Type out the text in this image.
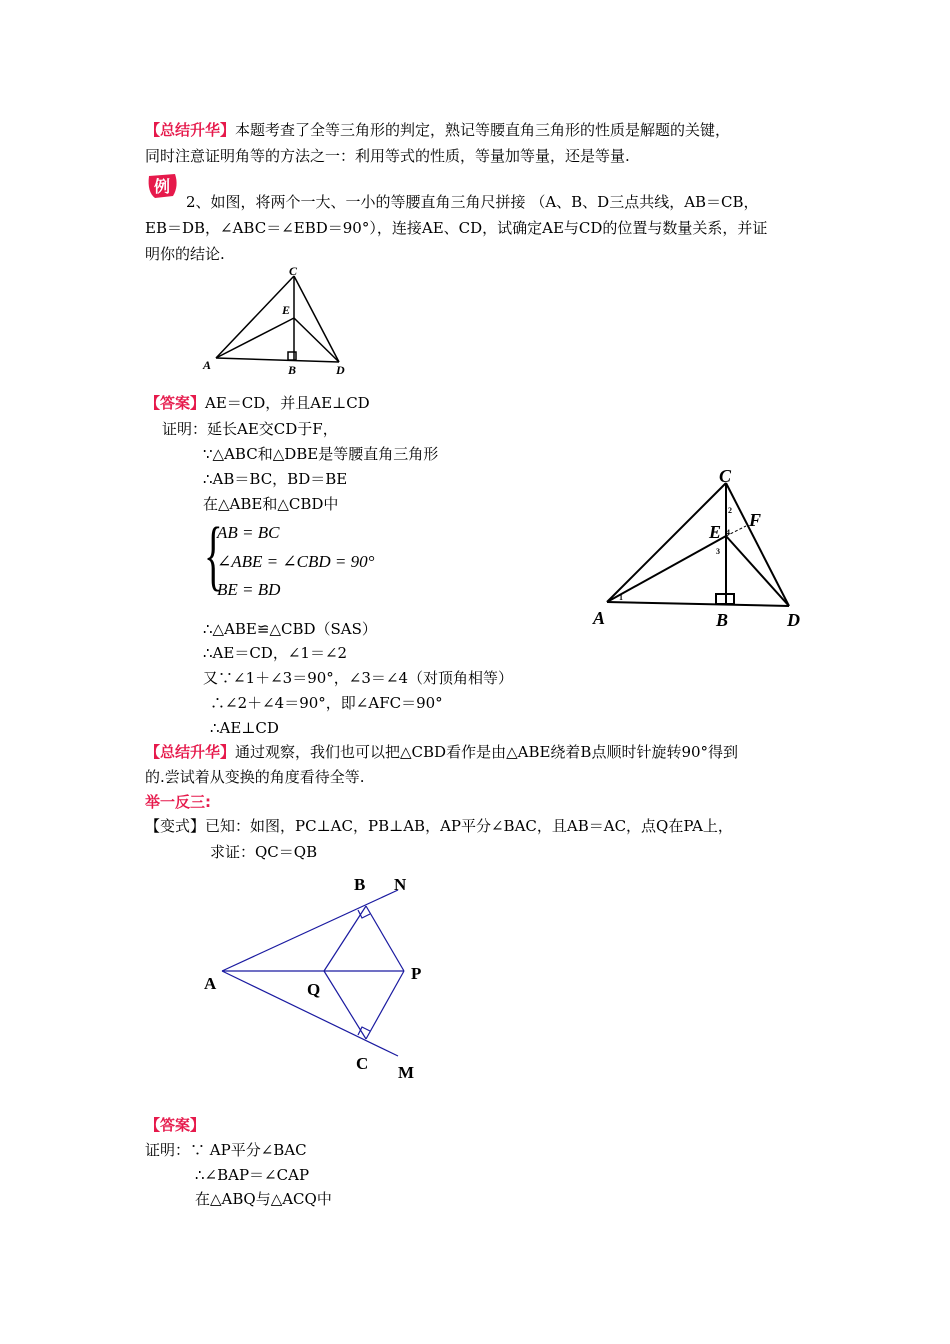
【总结升华】本题考查了全等三角形的判定，熟记等腰直角三角形的性质是解题的关键，
同时注意证明角等的方法之一：利用等式的性质，等量加等量，还是等量.
例
2、如图，将两个一大、一小的等腰直角三角尺拼接 （A、B、D三点共线，AB＝CB，
EB＝DB，∠ABC＝∠EBD＝90°），连接AE、CD，试确定AE与CD的位置与数量关系，并证
明你的结论.
C
E
A	B	D
【答案】AE＝CD，并且AE⊥CD
证明：延长AE交CD于F，
∵△ABC和△DBE是等腰直角三角形
∴AB＝BC，BD＝BE
在△ABE和△CBD中
{
AB = BC
∠ABE = ∠CBD = 90°
BE = BD
∴△ABE≌△CBD（SAS）
∴AE＝CD，∠1＝∠2
又∵∠1＋∠3＝90°，∠3＝∠4（对顶角相等）
∴∠2＋∠4＝90°，即∠AFC＝90°
∴AE⊥CD
C
E
F
A	B	D
1
2
3
4
【总结升华】通过观察，我们也可以把△CBD看作是由△ABE绕着B点顺时针旋转90°得到
的.尝试着从变换的角度看待全等.
举一反三:
【变式】已知：如图，PC⊥AC，PB⊥AB，AP平分∠BAC，且AB＝AC，点Q在PA上，
求证：QC＝QB
B N
A	Q
P
C M
【答案】
证明：∵ AP平分∠BAC
∴∠BAP＝∠CAP
在△ABQ与△ACQ中
